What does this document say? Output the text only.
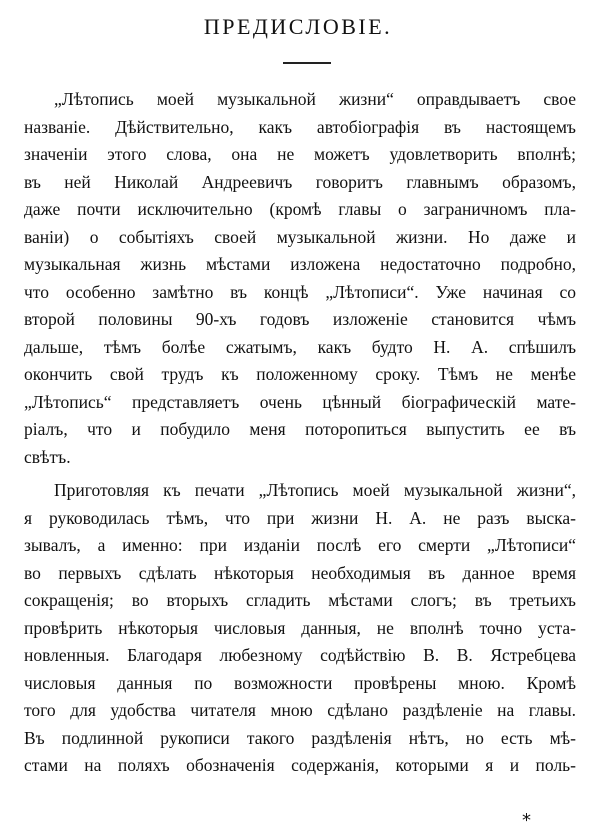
ПРЕДИСЛОВІЕ.
„Лѣтопись моей музыкальной жизни“ оправдываетъ свое
названіе. Дѣйствительно, какъ автобіографія въ настоящемъ
значеніи этого слова, она не можетъ удовлетворить вполнѣ;
въ ней Николай Андреевичъ говоритъ главнымъ образомъ,
даже почти исключительно (кромѣ главы о заграничномъ пла-
ваніи) о событіяхъ своей музыкальной жизни. Но даже и
музыкальная жизнь мѣстами изложена недостаточно подробно,
что особенно замѣтно въ концѣ „Лѣтописи“. Уже начиная со
второй половины 90-хъ годовъ изложеніе становится чѣмъ
дальше, тѣмъ болѣе сжатымъ, какъ будто Н. А. спѣшилъ
окончить свой трудъ къ положенному сроку. Тѣмъ не менѣе
„Лѣтопись“ представляетъ очень цѣнный біографическій мате-
ріалъ, что и побудило меня поторопиться выпустить ее въ
свѣтъ.
Приготовляя къ печати „Лѣтопись моей музыкальной жизни“,
я руководилась тѣмъ, что при жизни Н. А. не разъ выска-
зывалъ, а именно: при изданіи послѣ его смерти „Лѣтописи“
во первыхъ сдѣлать нѣкоторыя необходимыя въ данное время
сокращенія; во вторыхъ сгладить мѣстами слогъ; въ третьихъ
провѣрить нѣкоторыя числовыя данныя, не вполнѣ точно уста-
новленныя. Благодаря любезному содѣйствію В. В. Ястребцева
числовыя данныя по возможности провѣрены мною. Кромѣ
того для удобства читателя мною сдѣлано раздѣленіе на главы.
Въ подлинной рукописи такого раздѣленія нѣтъ, но есть мѣ-
стами на поляхъ обозначенія содержанія, которыми я и поль-
*
